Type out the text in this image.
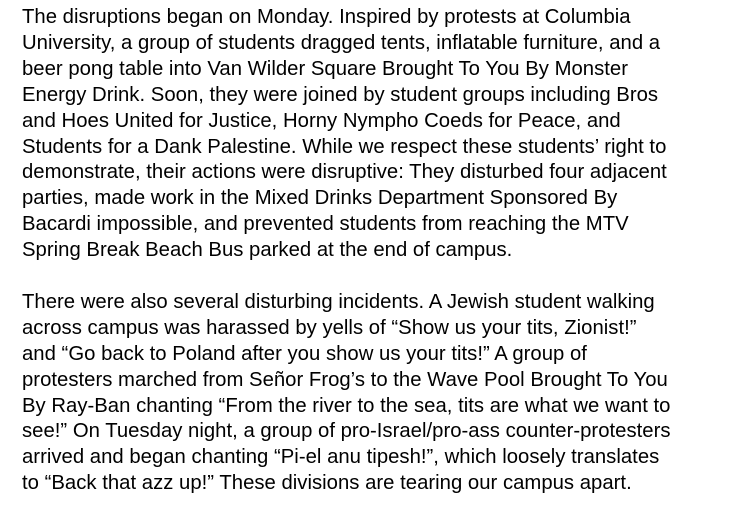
The disruptions began on Monday. Inspired by protests at Columbia
University, a group of students dragged tents, inflatable furniture, and a
beer pong table into Van Wilder Square Brought To You By Monster
Energy Drink. Soon, they were joined by student groups including Bros
and Hoes United for Justice, Horny Nympho Coeds for Peace, and
Students for a Dank Palestine. While we respect these students’ right to
demonstrate, their actions were disruptive: They disturbed four adjacent
parties, made work in the Mixed Drinks Department Sponsored By
Bacardi impossible, and prevented students from reaching the MTV
Spring Break Beach Bus parked at the end of campus.

There were also several disturbing incidents. A Jewish student walking
across campus was harassed by yells of “Show us your tits, Zionist!”
and “Go back to Poland after you show us your tits!” A group of
protesters marched from Señor Frog’s to the Wave Pool Brought To You
By Ray-Ban chanting “From the river to the sea, tits are what we want to
see!” On Tuesday night, a group of pro-Israel/pro-ass counter-protesters
arrived and began chanting “Pi-el anu tipesh!”, which loosely translates
to “Back that azz up!” These divisions are tearing our campus apart.
